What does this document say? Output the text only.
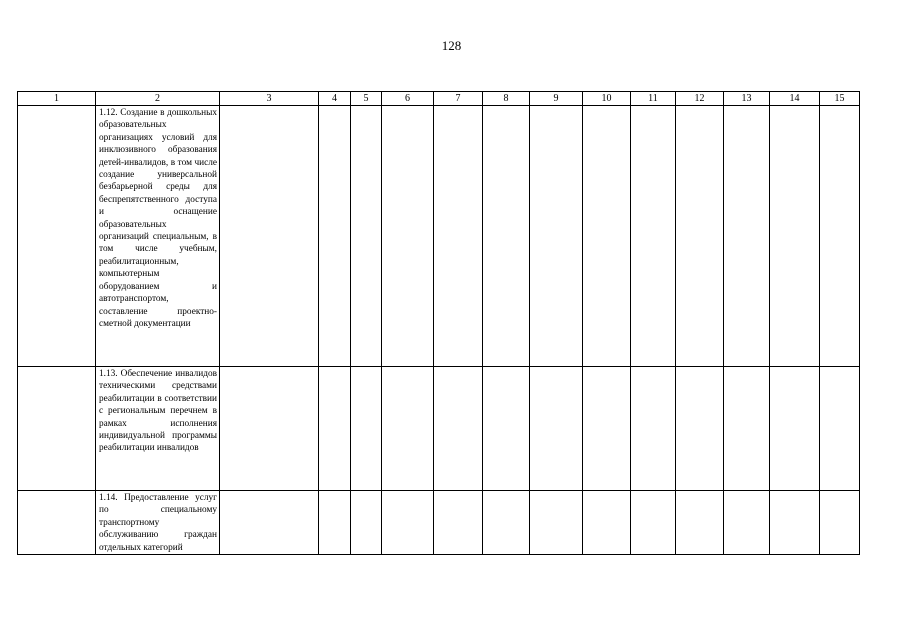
128
1	2	3	4	5	6	7	8	9	10	11	12	13	14	15

	1.12. Создание в дошкольных образовательных организациях условий для инклюзивного образования детей-инвалидов, в том числе создание универсальной безбарьерной среды для беспрепятственного доступа и оснащение образовательных организаций специальным, в том числе учебным, реабилитационным, компьютерным оборудованием и автотранспортом, составление проектно-сметной документации													

	1.13. Обеспечение инвалидов техническими средствами реабилитации в соответствии с региональным перечнем в рамках исполнения индивидуальной программы реабилитации инвалидов													

	1.14. Предоставление услуг по специальному транспортному обслуживанию граждан отдельных категорий													
